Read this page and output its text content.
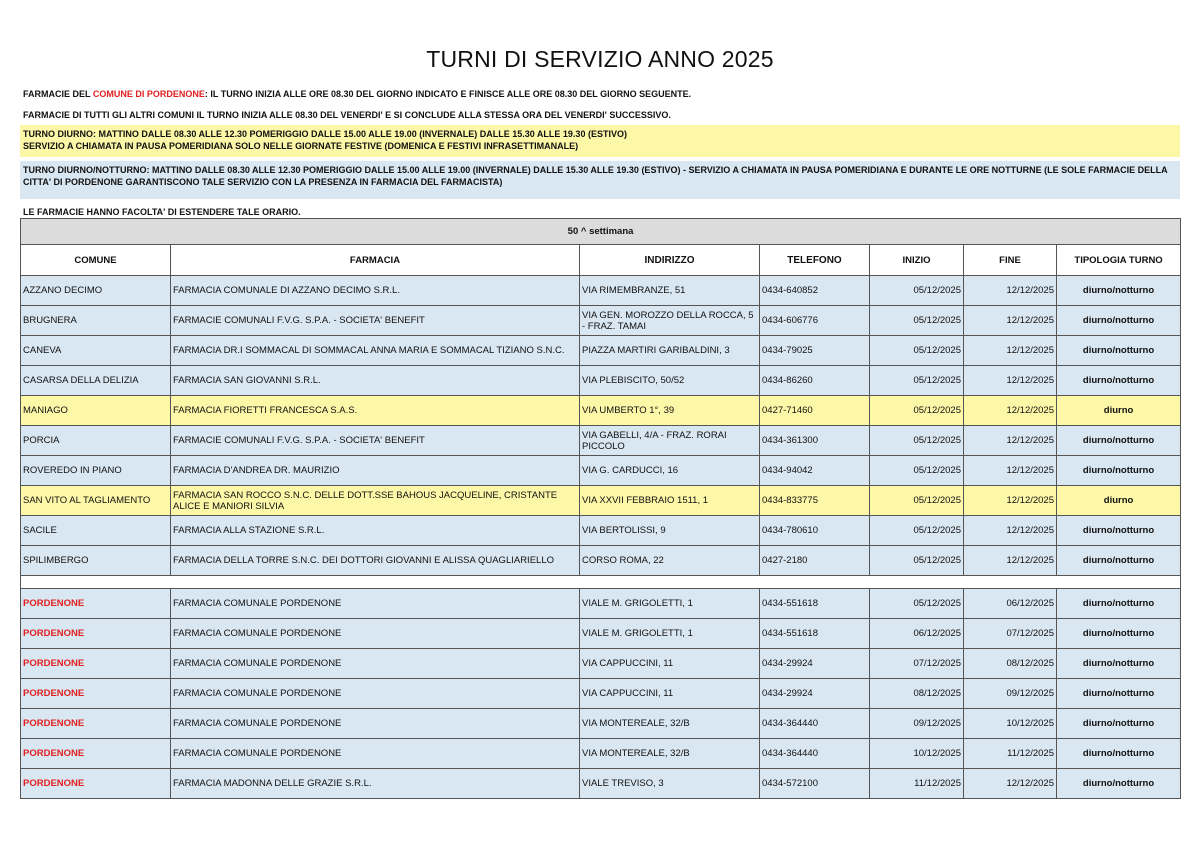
TURNI DI SERVIZIO ANNO 2025
FARMACIE DEL COMUNE DI PORDENONE: IL TURNO INIZIA ALLE ORE 08.30 DEL GIORNO INDICATO E FINISCE ALLE ORE 08.30 DEL GIORNO SEGUENTE.
FARMACIE DI TUTTI GLI ALTRI COMUNI IL TURNO INIZIA ALLE 08.30 DEL VENERDI' E SI CONCLUDE ALLA STESSA ORA DEL VENERDI' SUCCESSIVO.
TURNO DIURNO: MATTINO DALLE 08.30 ALLE 12.30 POMERIGGIO DALLE 15.00 ALLE 19.00 (INVERNALE) DALLE 15.30 ALLE 19.30 (ESTIVO)
SERVIZIO A CHIAMATA IN PAUSA POMERIDIANA SOLO NELLE GIORNATE FESTIVE (DOMENICA E FESTIVI INFRASETTIMANALE)
TURNO DIURNO/NOTTURNO: MATTINO DALLE 08.30 ALLE 12.30 POMERIGGIO DALLE 15.00 ALLE 19.00 (INVERNALE) DALLE 15.30 ALLE 19.30 (ESTIVO) - SERVIZIO A CHIAMATA IN PAUSA POMERIDIANA E DURANTE LE ORE NOTTURNE (LE SOLE FARMACIE DELLA CITTA' DI PORDENONE GARANTISCONO TALE SERVIZIO CON LA PRESENZA IN FARMACIA DEL FARMACISTA)
LE FARMACIE HANNO FACOLTA' DI ESTENDERE TALE ORARIO.
50 ^ settimana						
COMUNE	FARMACIA	INDIRIZZO	TELEFONO	INIZIO	FINE	TIPOLOGIA TURNO
AZZANO DECIMO	FARMACIA COMUNALE DI AZZANO DECIMO S.R.L.	VIA RIMEMBRANZE, 51	0434-640852	05/12/2025	12/12/2025	diurno/notturno
BRUGNERA	FARMACIE COMUNALI F.V.G. S.P.A. - SOCIETA' BENEFIT	VIA GEN. MOROZZO DELLA ROCCA, 5 - FRAZ. TAMAI	0434-606776	05/12/2025	12/12/2025	diurno/notturno
CANEVA	FARMACIA DR.I SOMMACAL DI SOMMACAL ANNA MARIA E SOMMACAL TIZIANO S.N.C.	PIAZZA MARTIRI GARIBALDINI, 3	0434-79025	05/12/2025	12/12/2025	diurno/notturno
CASARSA DELLA DELIZIA	FARMACIA SAN GIOVANNI S.R.L.	VIA PLEBISCITO, 50/52	0434-86260	05/12/2025	12/12/2025	diurno/notturno
MANIAGO	FARMACIA FIORETTI FRANCESCA S.A.S.	VIA UMBERTO 1°, 39	0427-71460	05/12/2025	12/12/2025	diurno
PORCIA	FARMACIE COMUNALI F.V.G. S.P.A. - SOCIETA' BENEFIT	VIA GABELLI, 4/A - FRAZ. RORAI PICCOLO	0434-361300	05/12/2025	12/12/2025	diurno/notturno
ROVEREDO IN PIANO	FARMACIA D'ANDREA DR. MAURIZIO	VIA G. CARDUCCI, 16	0434-94042	05/12/2025	12/12/2025	diurno/notturno
SAN VITO AL TAGLIAMENTO	FARMACIA SAN ROCCO S.N.C. DELLE DOTT.SSE BAHOUS JACQUELINE, CRISTANTE ALICE E MANIORI SILVIA	VIA XXVII FEBBRAIO 1511, 1	0434-833775	05/12/2025	12/12/2025	diurno
SACILE	FARMACIA ALLA STAZIONE S.R.L.	VIA BERTOLISSI, 9	0434-780610	05/12/2025	12/12/2025	diurno/notturno
SPILIMBERGO	FARMACIA DELLA TORRE S.N.C. DEI DOTTORI GIOVANNI E ALISSA QUAGLIARIELLO	CORSO ROMA, 22	0427-2180	05/12/2025	12/12/2025	diurno/notturno

PORDENONE	FARMACIA COMUNALE PORDENONE	VIALE M. GRIGOLETTI, 1	0434-551618	05/12/2025	06/12/2025	diurno/notturno
PORDENONE	FARMACIA COMUNALE PORDENONE	VIALE M. GRIGOLETTI, 1	0434-551618	06/12/2025	07/12/2025	diurno/notturno
PORDENONE	FARMACIA COMUNALE PORDENONE	VIA CAPPUCCINI, 11	0434-29924	07/12/2025	08/12/2025	diurno/notturno
PORDENONE	FARMACIA COMUNALE PORDENONE	VIA CAPPUCCINI, 11	0434-29924	08/12/2025	09/12/2025	diurno/notturno
PORDENONE	FARMACIA COMUNALE PORDENONE	VIA MONTEREALE, 32/B	0434-364440	09/12/2025	10/12/2025	diurno/notturno
PORDENONE	FARMACIA COMUNALE PORDENONE	VIA MONTEREALE, 32/B	0434-364440	10/12/2025	11/12/2025	diurno/notturno
PORDENONE	FARMACIA MADONNA DELLE GRAZIE S.R.L.	VIALE TREVISO, 3	0434-572100	11/12/2025	12/12/2025	diurno/notturno
